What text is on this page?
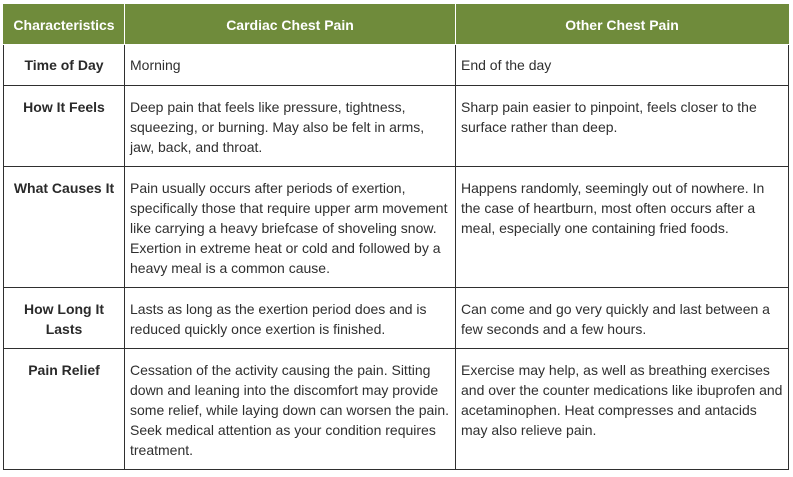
Characteristics	Cardiac Chest Pain	Other Chest Pain
Time of Day	Morning	End of the day
How It Feels	Deep pain that feels like pressure, tightness, squeezing, or burning. May also be felt in arms, jaw, back, and throat.	Sharp pain easier to pinpoint, feels closer to the surface rather than deep.
What Causes It	Pain usually occurs after periods of exertion, specifically those that require upper arm movement like carrying a heavy briefcase of shoveling snow. Exertion in extreme heat or cold and followed by a heavy meal is a common cause.	Happens randomly, seemingly out of nowhere. In the case of heartburn, most often occurs after a meal, especially one containing fried foods.
How Long It Lasts	Lasts as long as the exertion period does and is reduced quickly once exertion is finished.	Can come and go very quickly and last between a few seconds and a few hours.
Pain Relief	Cessation of the activity causing the pain. Sitting down and leaning into the discomfort may provide some relief, while laying down can worsen the pain. Seek medical attention as your condition requires treatment.	Exercise may help, as well as breathing exercises and over the counter medications like ibuprofen and acetaminophen. Heat compresses and antacids may also relieve pain.
